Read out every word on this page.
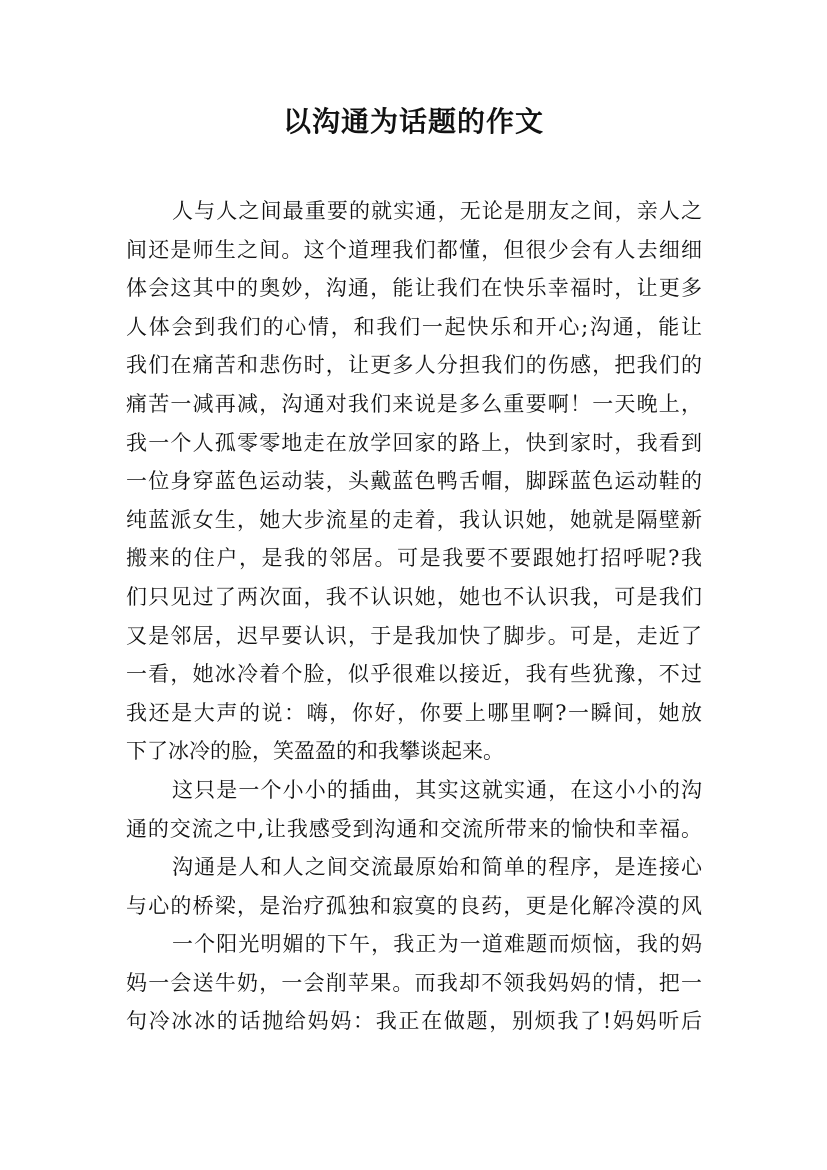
以沟通为话题的作文
人与人之间最重要的就实通，无论是朋友之间，亲人之
间还是师生之间。这个道理我们都懂，但很少会有人去细细
体会这其中的奥妙，沟通，能让我们在快乐幸福时，让更多
人体会到我们的心情，和我们一起快乐和开心;沟通，能让
我们在痛苦和悲伤时，让更多人分担我们的伤感，把我们的
痛苦一减再减，沟通对我们来说是多么重要啊！一天晚上，
我一个人孤零零地走在放学回家的路上，快到家时，我看到
一位身穿蓝色运动装，头戴蓝色鸭舌帽，脚踩蓝色运动鞋的
纯蓝派女生，她大步流星的走着，我认识她，她就是隔壁新
搬来的住户，是我的邻居。可是我要不要跟她打招呼呢?我
们只见过了两次面，我不认识她，她也不认识我，可是我们
又是邻居，迟早要认识，于是我加快了脚步。可是，走近了
一看，她冰冷着个脸，似乎很难以接近，我有些犹豫，不过
我还是大声的说：嗨，你好，你要上哪里啊?一瞬间，她放
下了冰冷的脸，笑盈盈的和我攀谈起来。
这只是一个小小的插曲，其实这就实通，在这小小的沟
通的交流之中,让我感受到沟通和交流所带来的愉快和幸福。
沟通是人和人之间交流最原始和简单的程序，是连接心
与心的桥梁，是治疗孤独和寂寞的良药，更是化解冷漠的风
一个阳光明媚的下午，我正为一道难题而烦恼，我的妈
妈一会送牛奶，一会削苹果。而我却不领我妈妈的情，把一
句冷冰冰的话抛给妈妈：我正在做题，别烦我了!妈妈听后
